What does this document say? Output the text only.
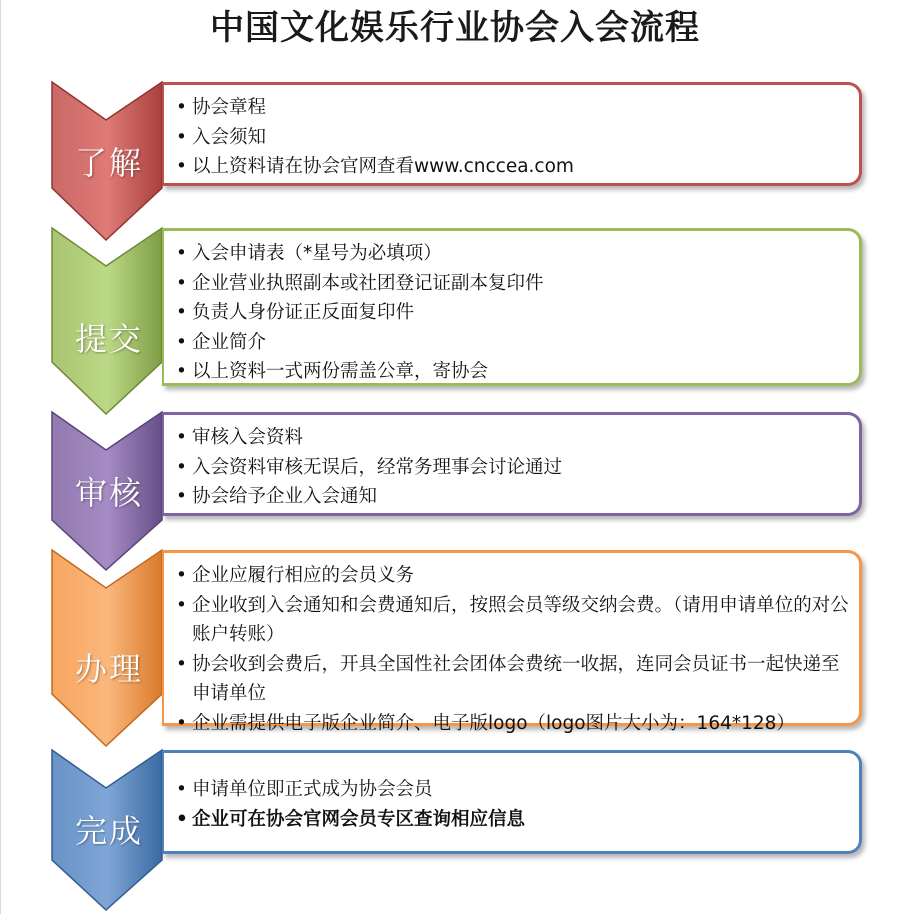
中国文化娱乐行业协会入会流程
了解
• 协会章程
• 入会须知
• 以上资料请在协会官网查看www.cnccea.com
提交
• 入会申请表（*星号为必填项）
• 企业营业执照副本或社团登记证副本复印件
• 负责人身份证正反面复印件
• 企业简介
• 以上资料一式两份需盖公章，寄协会
审核
• 审核入会资料
• 入会资料审核无误后，经常务理事会讨论通过
• 协会给予企业入会通知
办理
• 企业应履行相应的会员义务
• 企业收到入会通知和会费通知后，按照会员等级交纳会费。（请用申请单位的对公账户转账）
• 协会收到会费后，开具全国性社会团体会费统一收据，连同会员证书一起快递至申请单位
• 企业需提供电子版企业简介、电子版logo（logo图片大小为：164*128）
完成
• 申请单位即正式成为协会会员
• 企业可在协会官网会员专区查询相应信息
